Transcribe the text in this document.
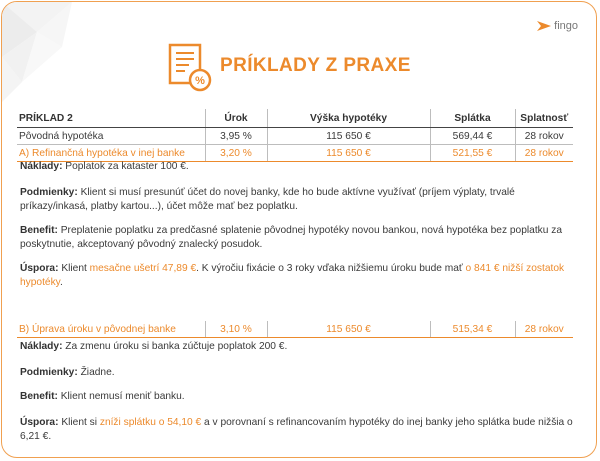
fingo
%
PRÍKLADY Z PRAXE
PRÍKLAD 2	Úrok	Výška hypotéky	Splátka	Splatnosť
Pôvodná hypotéka	3,95 %	115 650 €	569,44 €	28 rokov
A) Refinančná hypotéka v inej banke	3,20 %	115 650 €	521,55 €	28 rokov

Náklady: Poplatok za kataster 100 €.

Podmienky: Klient si musí presunúť účet do novej banky, kde ho bude aktívne využívať (príjem výplaty, trvalé príkazy/inkasá, platby kartou...), účet môže mať bez poplatku.

Benefit: Preplatenie poplatku za predčasné splatenie pôvodnej hypotéky novou bankou, nová hypotéka bez poplatku za poskytnutie, akceptovaný pôvodný znalecký posudok.

Úspora: Klient mesačne ušetrí 47,89 €. K výročiu fixácie o 3 roky vďaka nižšiemu úroku bude mať o 841 € nižší zostatok hypotéky.

B) Úprava úroku v pôvodnej banke	3,10 %	115 650 €	515,34 €	28 rokov

Náklady: Za zmenu úroku si banka zúčtuje poplatok 200 €.

Podmienky: Žiadne.

Benefit: Klient nemusí meniť banku.

Úspora: Klient si zníži splátku o 54,10 € a v porovnaní s refinancovaním hypotéky do inej banky jeho splátka bude nižšia o 6,21 €.
